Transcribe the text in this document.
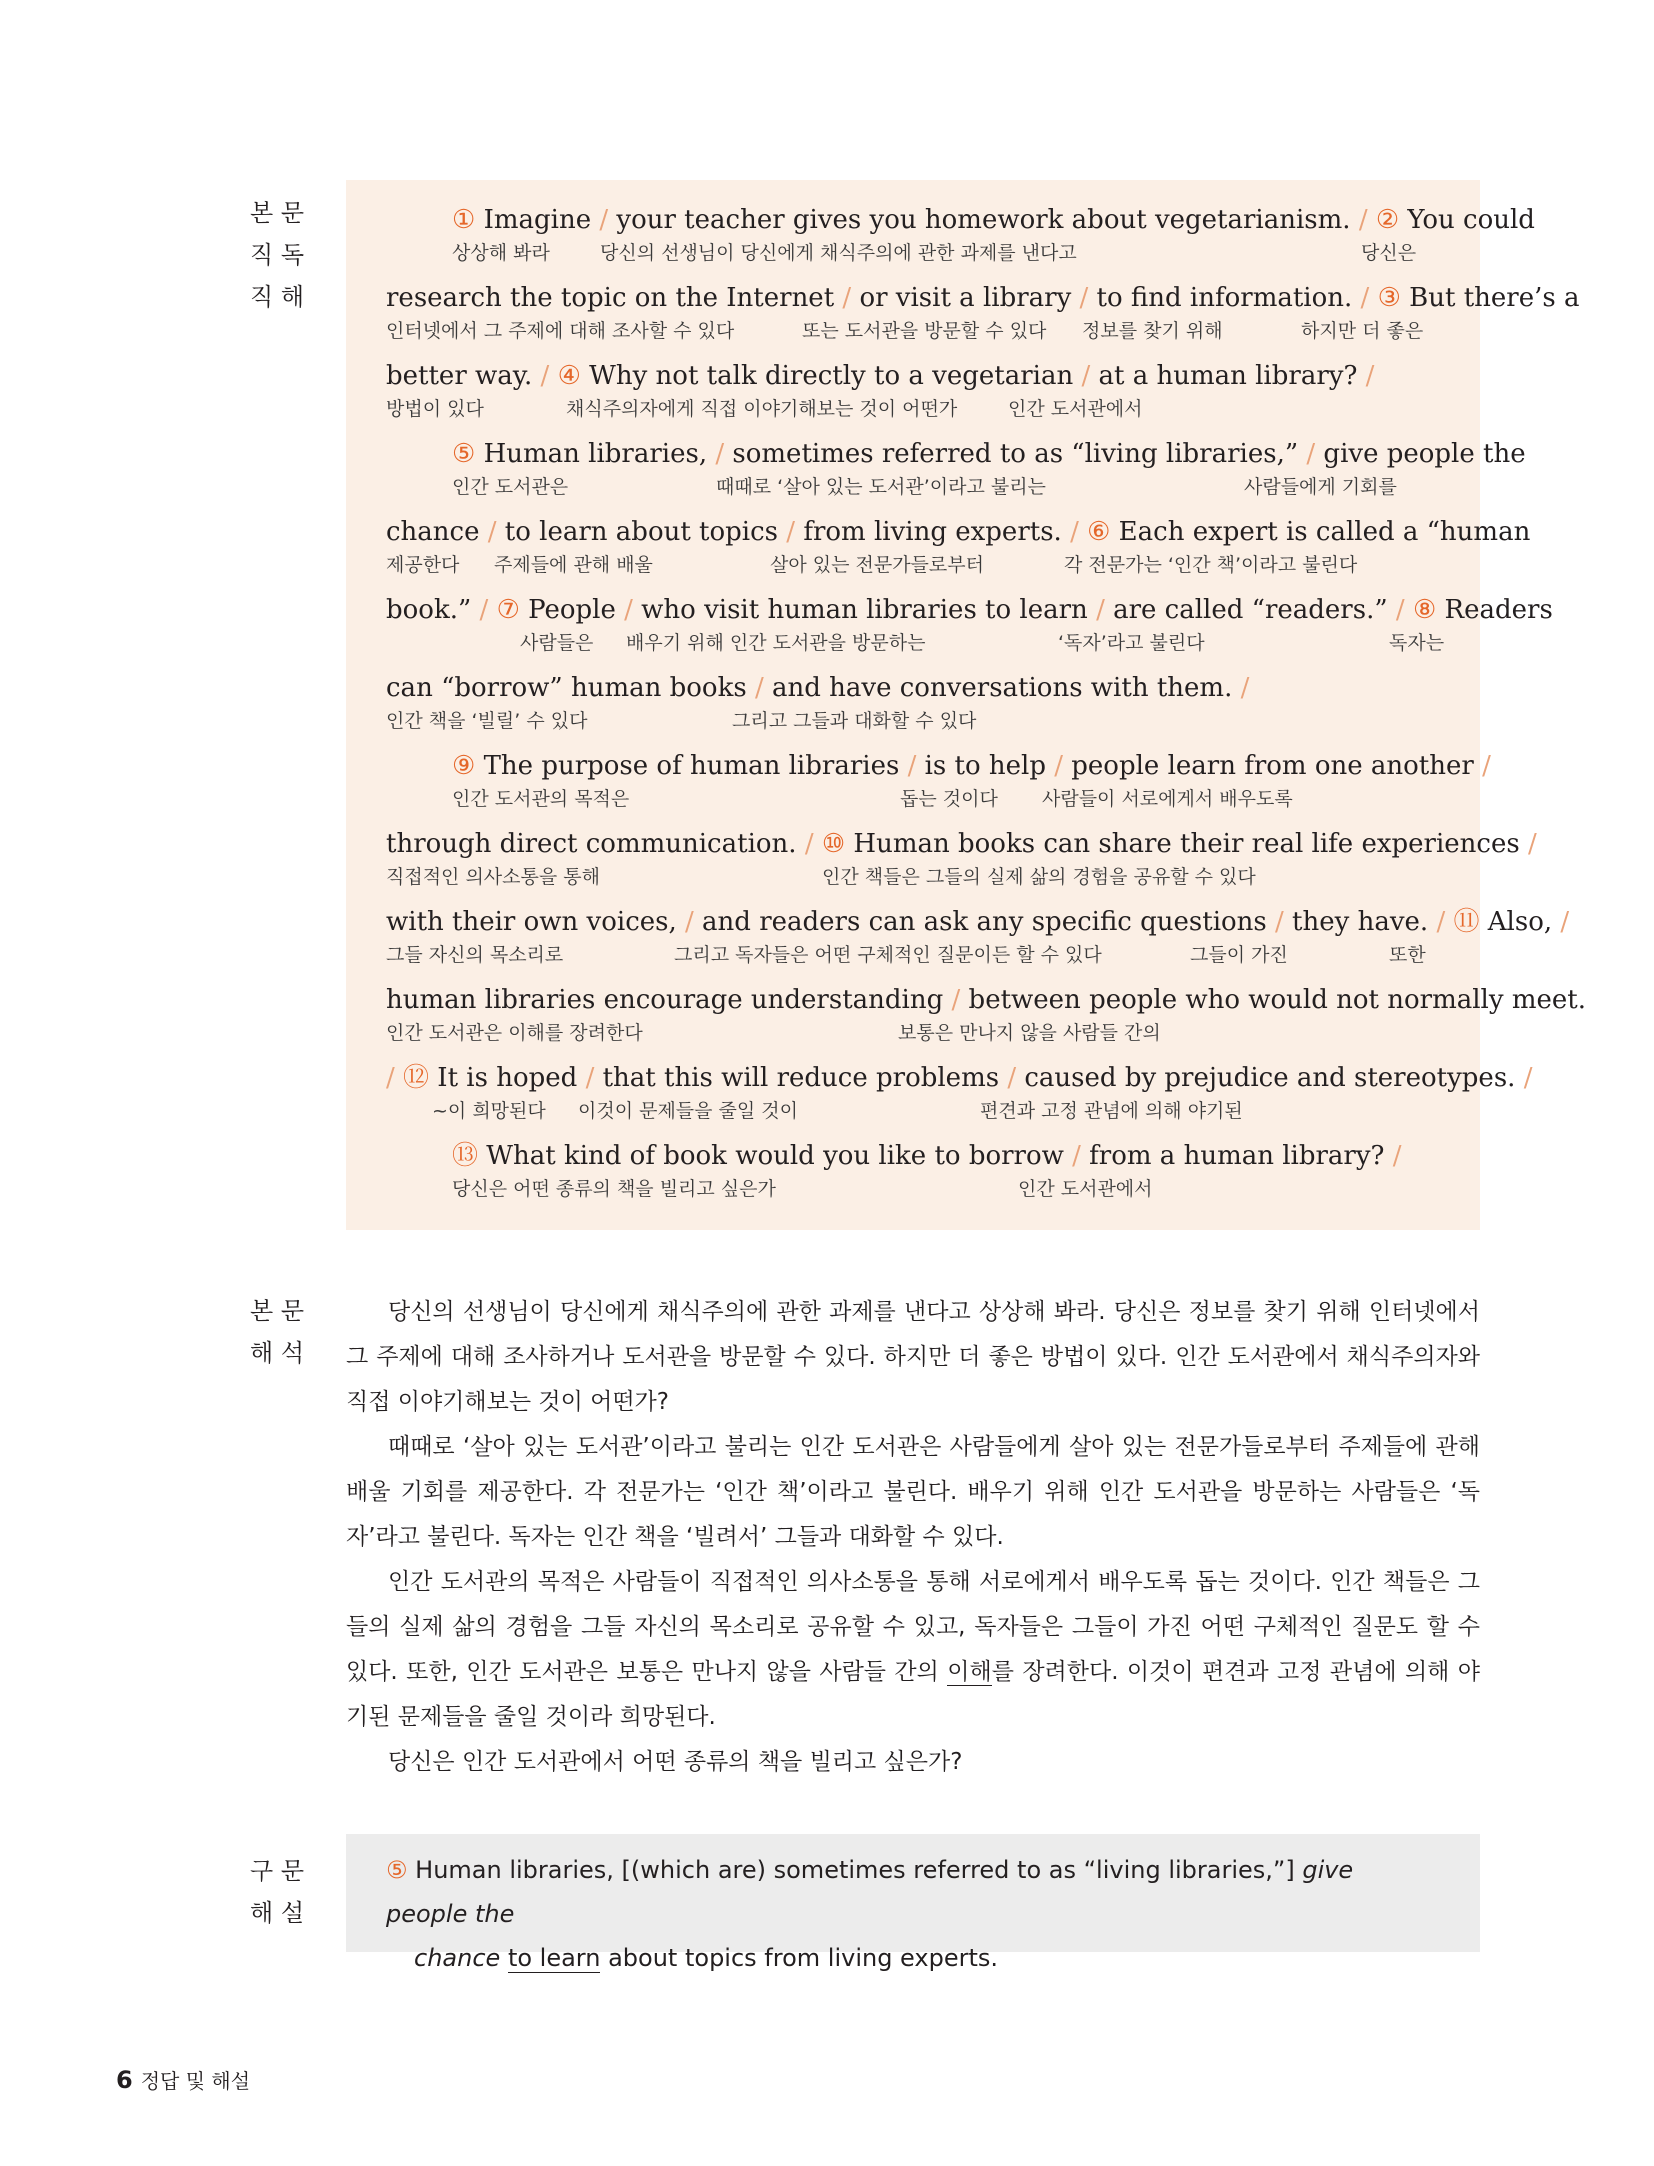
본 문
직 독
직 해
본 문
해 석
구 문
해 설
① Imagine / your teacher gives you homework about vegetarianism. / ② You could
상상해 봐라	당신의 선생님이 당신에게 채식주의에 관한 과제를 낸다고	당신은
research the topic on the Internet / or visit a library / to find information. / ③ But there’s a
인터넷에서 그 주제에 대해 조사할 수 있다	또는 도서관을 방문할 수 있다 정보를 찾기 위해	하지만 더 좋은
better way. / ④ Why not talk directly to a vegetarian / at a human library? /
방법이 있다	채식주의자에게 직접 이야기해보는 것이 어떤가	인간 도서관에서
⑤ Human libraries, / sometimes referred to as “living libraries,” / give people the
인간 도서관은	때때로 ‘살아 있는 도서관’이라고 불리는	사람들에게 기회를
chance / to learn about topics / from living experts. / ⑥ Each expert is called a “human
제공한다 주제들에 관해 배울	살아 있는 전문가들로부터	각 전문가는 ‘인간 책’이라고 불린다
book.” / ⑦ People / who visit human libraries to learn / are called “readers.” / ⑧ Readers
사람들은 배우기 위해 인간 도서관을 방문하는	‘독자’라고 불린다	독자는
can “borrow” human books / and have conversations with them. /
인간 책을 ‘빌릴’ 수 있다	그리고 그들과 대화할 수 있다
⑨ The purpose of human libraries / is to help / people learn from one another /
인간 도서관의 목적은	돕는 것이다 사람들이 서로에게서 배우도록
through direct communication. / ⑩ Human books can share their real life experiences /
직접적인 의사소통을 통해	인간 책들은 그들의 실제 삶의 경험을 공유할 수 있다
with their own voices, / and readers can ask any specific questions / they have. / ⑪ Also, /
그들 자신의 목소리로	그리고 독자들은 어떤 구체적인 질문이든 할 수 있다	그들이 가진	또한
human libraries encourage understanding / between people who would not normally meet.
인간 도서관은 이해를 장려한다	보통은 만나지 않을 사람들 간의
/ ⑫ It is hoped / that this will reduce problems / caused by prejudice and stereotypes. /
~이 희망된다 이것이 문제들을 줄일 것이	편견과 고정 관념에 의해 야기된
⑬ What kind of book would you like to borrow / from a human library? /
당신은 어떤 종류의 책을 빌리고 싶은가	인간 도서관에서

당신의 선생님이 당신에게 채식주의에 관한 과제를 낸다고 상상해 봐라. 당신은 정보를 찾기 위해 인터넷에서 그 주제에 대해 조사하거나 도서관을 방문할 수 있다. 하지만 더 좋은 방법이 있다. 인간 도서관에서 채식주의자와 직접 이야기해보는 것이 어떤가?

때때로 ‘살아 있는 도서관’이라고 불리는 인간 도서관은 사람들에게 살아 있는 전문가들로부터 주제들에 관해 배울 기회를 제공한다. 각 전문가는 ‘인간 책’이라고 불린다. 배우기 위해 인간 도서관을 방문하는 사람들은 ‘독자’라고 불린다. 독자는 인간 책을 ‘빌려서’ 그들과 대화할 수 있다.

인간 도서관의 목적은 사람들이 직접적인 의사소통을 통해 서로에게서 배우도록 돕는 것이다. 인간 책들은 그들의 실제 삶의 경험을 그들 자신의 목소리로 공유할 수 있고, 독자들은 그들이 가진 어떤 구체적인 질문도 할 수 있다. 또한, 인간 도서관은 보통은 만나지 않을 사람들 간의 이해를 장려한다. 이것이 편견과 고정 관념에 의해 야기된 문제들을 줄일 것이라 희망된다.

당신은 인간 도서관에서 어떤 종류의 책을 빌리고 싶은가?

⑤ Human libraries, [(which are) sometimes referred to as “living libraries,”] give people the
chance to learn about topics from living experts.
6 정답 및 해설
